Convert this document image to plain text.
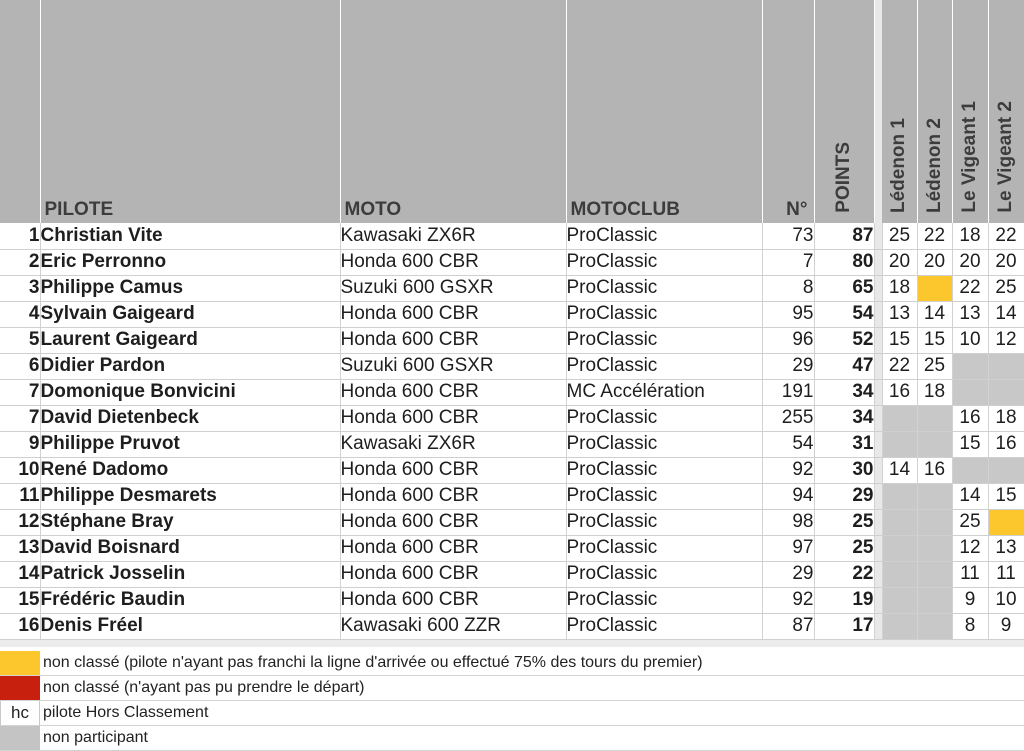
	PILOTE	MOTO	MOTOCLUB	N°	POINTS		Lédenon 1	Lédenon 2	Le Vigeant 1	Le Vigeant 2
1	Christian Vite	Kawasaki ZX6R	ProClassic	73	87		25	22	18	22
2	Eric Perronno	Honda 600 CBR	ProClassic	7	80		20	20	20	20
3	Philippe Camus	Suzuki 600 GSXR	ProClassic	8	65		18		22	25
4	Sylvain Gaigeard	Honda 600 CBR	ProClassic	95	54		13	14	13	14
5	Laurent Gaigeard	Honda 600 CBR	ProClassic	96	52		15	15	10	12
6	Didier Pardon	Suzuki 600 GSXR	ProClassic	29	47		22	25		
7	Domonique Bonvicini	Honda 600 CBR	MC Accélération	191	34		16	18		
7	David Dietenbeck	Honda 600 CBR	ProClassic	255	34				16	18
9	Philippe Pruvot	Kawasaki ZX6R	ProClassic	54	31				15	16
10	René Dadomo	Honda 600 CBR	ProClassic	92	30		14	16		
11	Philippe Desmarets	Honda 600 CBR	ProClassic	94	29				14	15
12	Stéphane Bray	Honda 600 CBR	ProClassic	98	25				25	
13	David Boisnard	Honda 600 CBR	ProClassic	97	25				12	13
14	Patrick Josselin	Honda 600 CBR	ProClassic	29	22				11	11
15	Frédéric Baudin	Honda 600 CBR	ProClassic	92	19				9	10
16	Denis Fréel	Kawasaki 600 ZZR	ProClassic	87	17				8	9

non classé (pilote n'ayant pas franchi la ligne d'arrivée ou effectué 75% des tours du premier)
non classé (n'ayant pas pu prendre le départ)
hc pilote Hors Classement
non participant
